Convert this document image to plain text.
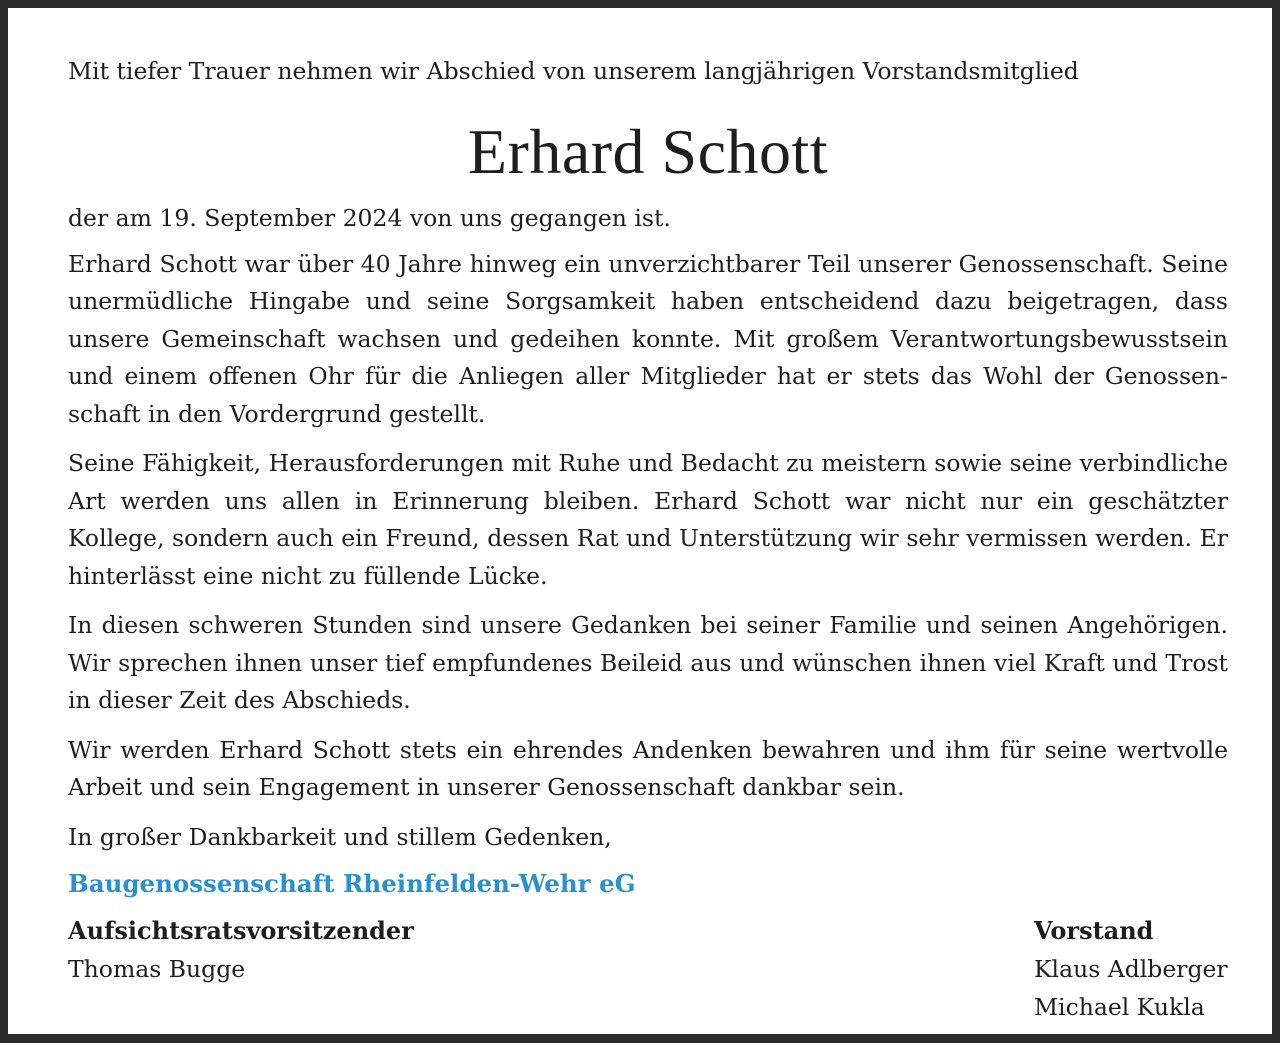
Mit tiefer Trauer nehmen wir Abschied von unserem langjährigen Vorstandsmitglied
Erhard Schott

der am 19. September 2024 von uns gegangen ist.

Erhard Schott war über 40 Jahre hinweg ein unverzichtbarer Teil unserer Genossenschaft. Seine unermüdliche Hingabe und seine Sorgsamkeit haben entscheidend dazu beigetragen, dass unsere Gemeinschaft wachsen und gedeihen konnte. Mit großem Verantwortungsbewusstsein und einem offenen Ohr für die Anliegen aller Mitglieder hat er stets das Wohl der Genossenschaft in den Vordergrund gestellt.

Seine Fähigkeit, Herausforderungen mit Ruhe und Bedacht zu meistern sowie seine verbindliche Art werden uns allen in Erinnerung bleiben. Erhard Schott war nicht nur ein geschätzter Kollege, sondern auch ein Freund, dessen Rat und Unterstützung wir sehr vermissen werden. Er hinterlässt eine nicht zu füllende Lücke.

In diesen schweren Stunden sind unsere Gedanken bei seiner Familie und seinen Angehörigen. Wir sprechen ihnen unser tief empfundenes Beileid aus und wünschen ihnen viel Kraft und Trost in dieser Zeit des Abschieds.

Wir werden Erhard Schott stets ein ehrendes Andenken bewahren und ihm für seine wertvolle Arbeit und sein Engagement in unserer Genossenschaft dankbar sein.

In großer Dankbarkeit und stillem Gedenken,

Baugenossenschaft Rheinfelden-Wehr eG
Aufsichtsratsvorsitzender
Thomas Bugge
Vorstand
Klaus Adlberger
Michael Kukla
